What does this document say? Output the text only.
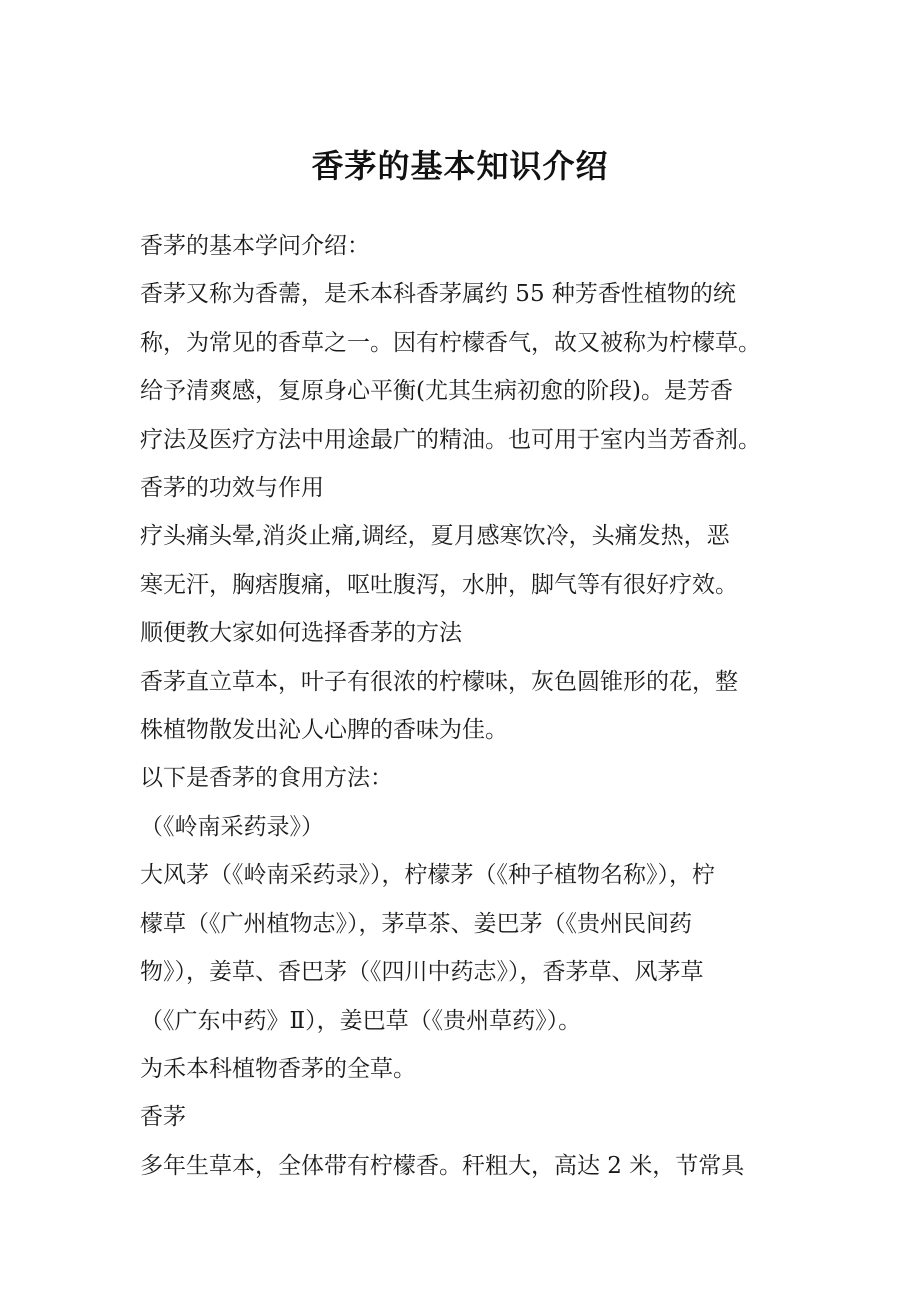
香茅的基本知识介绍

香茅的基本学问介绍：

香茅又称为香薷，是禾本科香茅属约 55 种芳香性植物的统

称，为常见的香草之一。因有柠檬香气，故又被称为柠檬草。

给予清爽感，复原身心平衡(尤其生病初愈的阶段)。是芳香

疗法及医疗方法中用途最广的精油。也可用于室内当芳香剂。

香茅的功效与作用

疗头痛头晕,消炎止痛,调经，夏月感寒饮冷，头痛发热，恶

寒无汗，胸痞腹痛，呕吐腹泻，水肿，脚气等有很好疗效。

顺便教大家如何选择香茅的方法

香茅直立草本，叶子有很浓的柠檬味，灰色圆锥形的花，整

株植物散发出沁人心脾的香味为佳。

以下是香茅的食用方法：

（《岭南采药录》）

大风茅（《岭南采药录》），柠檬茅（《种子植物名称》），柠

檬草（《广州植物志》），茅草茶、姜巴茅（《贵州民间药

物》），姜草、香巴茅（《四川中药志》），香茅草、风茅草

（《广东中药》Ⅱ），姜巴草（《贵州草药》）。

为禾本科植物香茅的全草。

香茅

多年生草本，全体带有柠檬香。秆粗大，高达 2 米，节常具
